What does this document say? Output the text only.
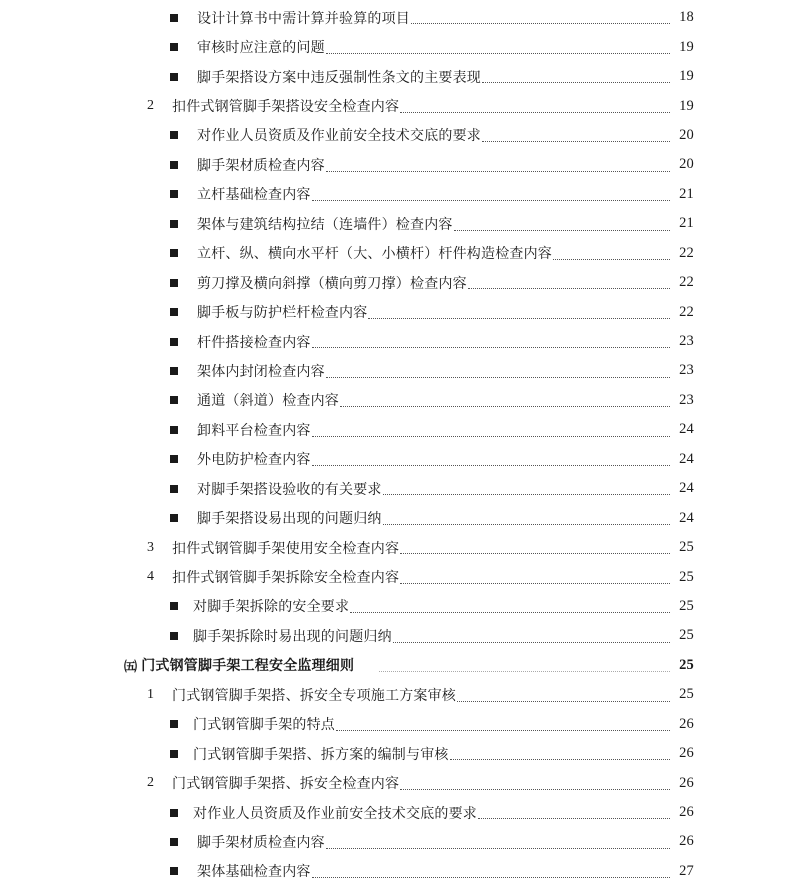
设计计算书中需计算并验算的项目	18
审核时应注意的问题	19
脚手架搭设方案中违反强制性条文的主要表现	19
2 扣件式钢管脚手架搭设安全检查内容	19
对作业人员资质及作业前安全技术交底的要求	20
脚手架材质检查内容	20
立杆基础检查内容	21
架体与建筑结构拉结（连墙件）检查内容	21
立杆、纵、横向水平杆（大、小横杆）杆件构造检查内容	22
剪刀撑及横向斜撑（横向剪刀撑）检查内容	22
脚手板与防护栏杆检查内容	22
杆件搭接检查内容	23
架体内封闭检查内容	23
通道（斜道）检查内容	23
卸料平台检查内容	24
外电防护检查内容	24
对脚手架搭设验收的有关要求	24
脚手架搭设易出现的问题归纳	24
3 扣件式钢管脚手架使用安全检查内容	25
4 扣件式钢管脚手架拆除安全检查内容	25
对脚手架拆除的安全要求	25
脚手架拆除时易出现的问题归纳	25
㈤ 门式钢管脚手架工程安全监理细则	25
1 门式钢管脚手架搭、拆安全专项施工方案审核	25
门式钢管脚手架的特点	26
门式钢管脚手架搭、拆方案的编制与审核	26
2 门式钢管脚手架搭、拆安全检查内容	26
对作业人员资质及作业前安全技术交底的要求	26
脚手架材质检查内容	26
架体基础检查内容	27
